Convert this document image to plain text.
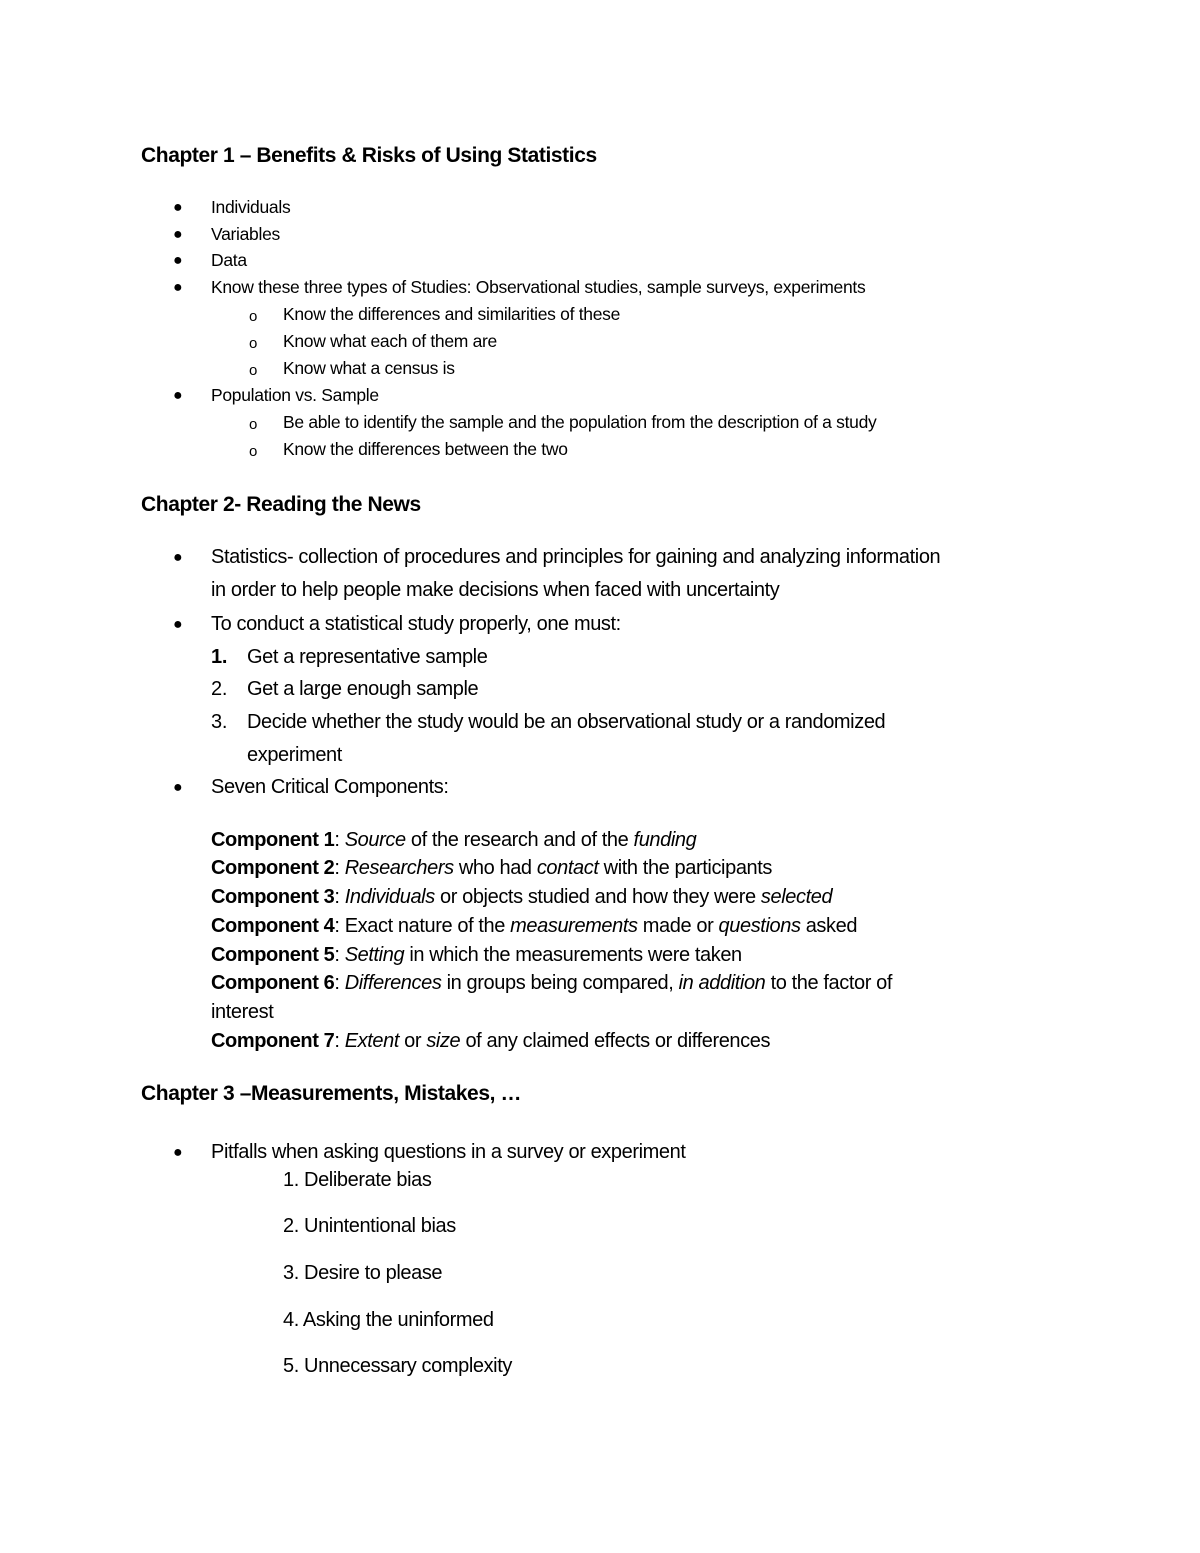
Chapter 1 – Benefits & Risks of Using Statistics
● Individuals
● Variables
● Data
● Know these three types of Studies: Observational studies, sample surveys, experiments
o Know the differences and similarities of these
o Know what each of them are
o Know what a census is
● Population vs. Sample
o Be able to identify the sample and the population from the description of a study
o Know the differences between the two
Chapter 2- Reading the News
● Statistics- collection of procedures and principles for gaining and analyzing information
in order to help people make decisions when faced with uncertainty
● To conduct a statistical study properly, one must:
1. Get a representative sample
2. Get a large enough sample
3. Decide whether the study would be an observational study or a randomized
experiment
● Seven Critical Components:
Component 1: Source of the research and of the funding
Component 2: Researchers who had contact with the participants
Component 3: Individuals or objects studied and how they were selected
Component 4: Exact nature of the measurements made or questions asked
Component 5: Setting in which the measurements were taken
Component 6: Differences in groups being compared, in addition to the factor of
interest
Component 7: Extent or size of any claimed effects or differences
Chapter 3 –Measurements, Mistakes, …
● Pitfalls when asking questions in a survey or experiment
1. Deliberate bias
2. Unintentional bias
3. Desire to please
4. Asking the uninformed
5. Unnecessary complexity
